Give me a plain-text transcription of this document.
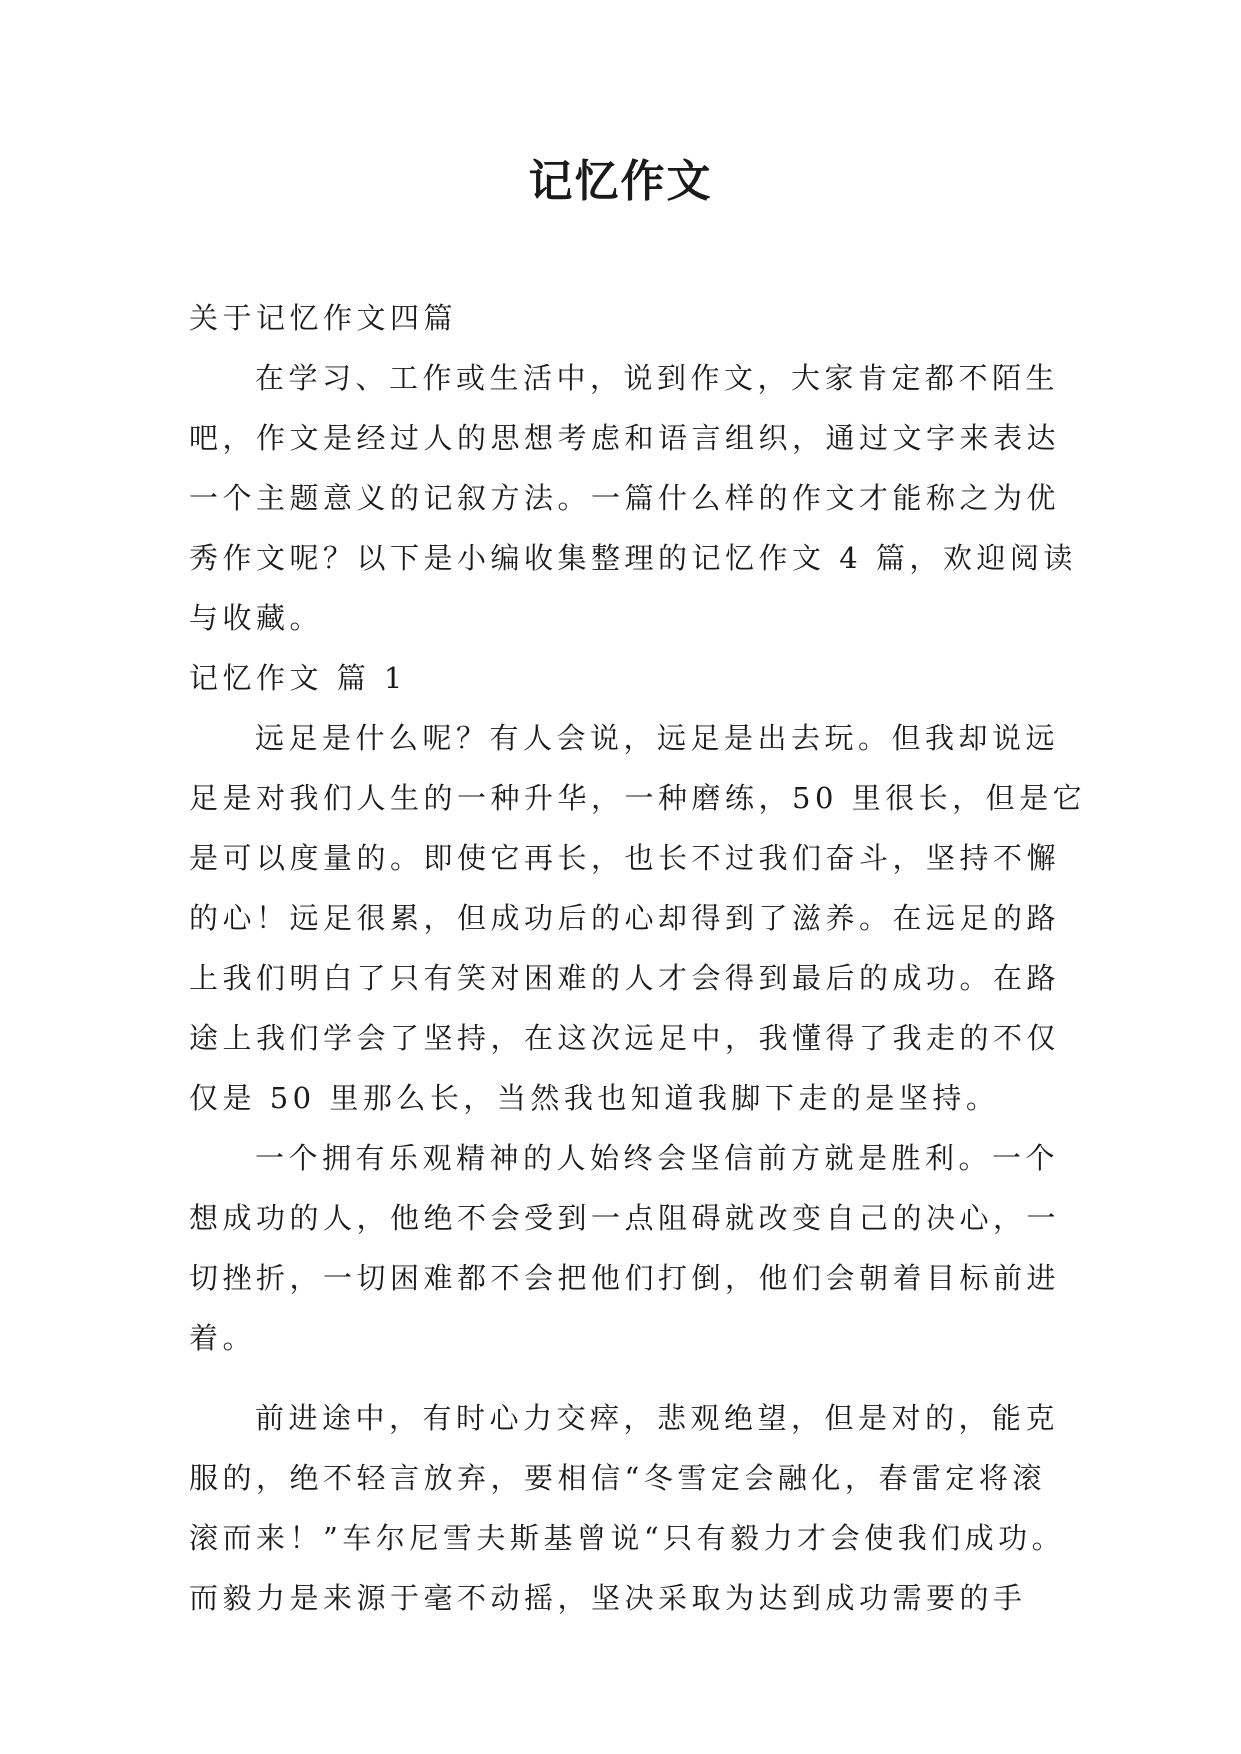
记忆作文

关于记忆作文四篇

在学习、工作或生活中，说到作文，大家肯定都不陌生

吧，作文是经过人的思想考虑和语言组织，通过文字来表达

一个主题意义的记叙方法。一篇什么样的作文才能称之为优

秀作文呢？以下是小编收集整理的记忆作文 4 篇，欢迎阅读

与收藏。

记忆作文 篇 1

远足是什么呢？有人会说，远足是出去玩。但我却说远

足是对我们人生的一种升华，一种磨练，50 里很长，但是它

是可以度量的。即使它再长，也长不过我们奋斗，坚持不懈

的心！远足很累，但成功后的心却得到了滋养。在远足的路

上我们明白了只有笑对困难的人才会得到最后的成功。在路

途上我们学会了坚持，在这次远足中，我懂得了我走的不仅

仅是 50 里那么长，当然我也知道我脚下走的是坚持。

一个拥有乐观精神的人始终会坚信前方就是胜利。一个

想成功的人，他绝不会受到一点阻碍就改变自己的决心，一

切挫折，一切困难都不会把他们打倒，他们会朝着目标前进

着。

前进途中，有时心力交瘁，悲观绝望，但是对的，能克

服的，绝不轻言放弃，要相信“冬雪定会融化，春雷定将滚

滚而来！”车尔尼雪夫斯基曾说“只有毅力才会使我们成功。

而毅力是来源于毫不动摇，坚决采取为达到成功需要的手
